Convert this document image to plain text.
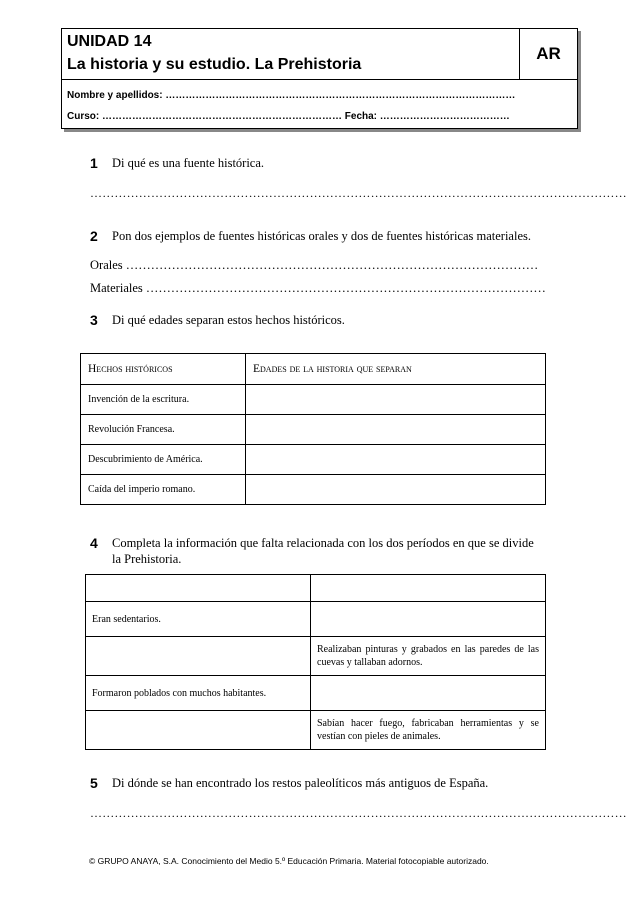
UNIDAD 14
La historia y su estudio. La Prehistoria
AR
Nombre y apellidos: ……………………………………………………………………………………………
Curso: ……………………………………………………………… Fecha: …………………………………
1	Di qué es una fuente histórica.
……………………………………………………………………………………………………………………
2	Pon dos ejemplos de fuentes históricas orales y dos de fuentes históricas materiales.
Orales ………………………………………………………………………………………
Materiales ……………………………………………………………………………………
3	Di qué edades separan estos hechos históricos.
Hechos históricos	Edades de la historia que separan
Invención de la escritura.	
Revolución Francesa.	
Descubrimiento de América.	
Caída del imperio romano.	
4	Completa la información que falta relacionada con los dos períodos en que se divide la Prehistoria.

Eran sedentarios.	
	Realizaban pinturas y grabados en las paredes de las cuevas y tallaban adornos.
Formaron poblados con muchos habitantes.	
	Sabían hacer fuego, fabricaban herramientas y se vestían con pieles de animales.
5	Di dónde se han encontrado los restos paleolíticos más antiguos de España.
……………………………………………………………………………………………………………………
© GRUPO ANAYA, S.A. Conocimiento del Medio 5.º Educación Primaria. Material fotocopiable autorizado.
